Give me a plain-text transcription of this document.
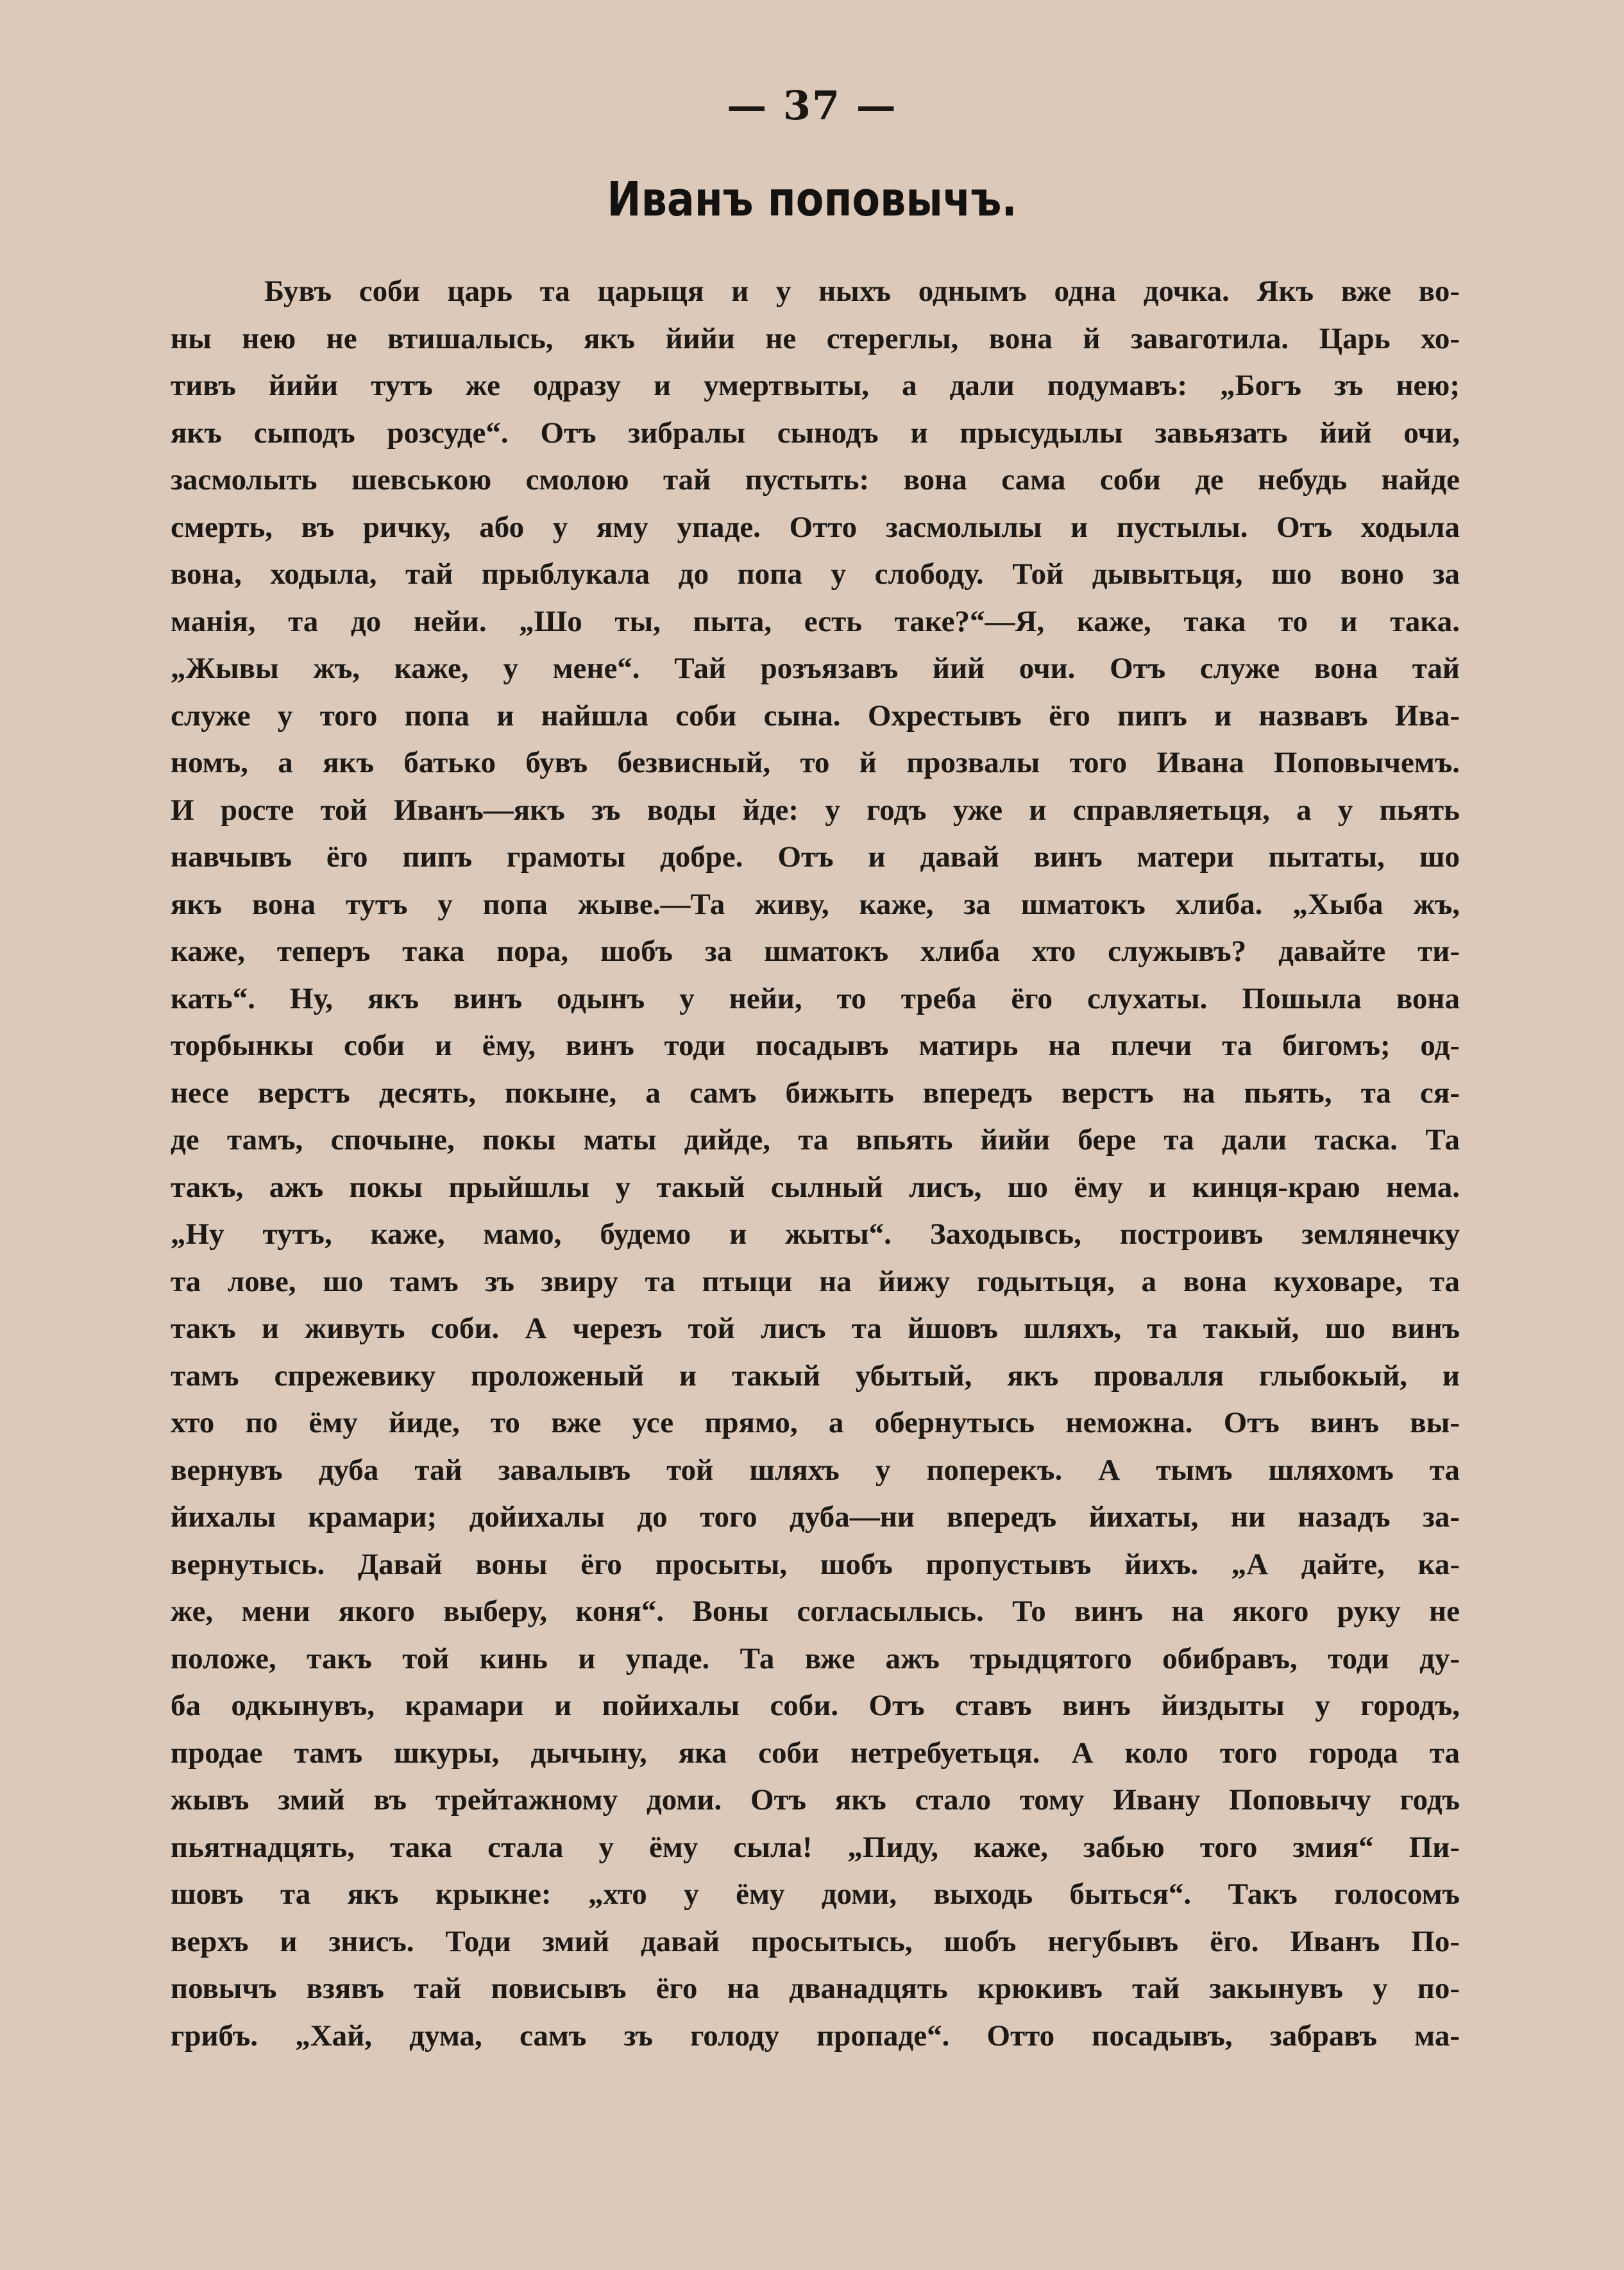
— 37 —
Иванъ поповычъ.
Бувъ соби царь та царыця и у ныхъ однымъ одна дочка. Якъ вже во-
ны нею не втишалысь, якъ йийи не стереглы, вона й заваготила. Царь хо-
тивъ йийи тутъ же одразу и умертвыты, а дали подумавъ: „Богъ зъ нею;
якъ сыподъ розсуде“. Отъ зибралы сынодъ и прысудылы завьязать йий очи,
засмолыть шевською смолою тай пустыть: вона сама соби де небудь найде
смерть, въ ричку, або у яму упаде. Отто засмолылы и пустылы. Отъ ходыла
вона, ходыла, тай прыблукала до попа у слободу. Той дывытьця, шо воно за
манія, та до нейи. „Шо ты, пыта, есть таке?“—Я, каже, така то и така.
„Жывы жъ, каже, у мене“. Тай розъязавъ йий очи. Отъ служе вона тай
служе у того попа и найшла соби сына. Охрестывъ ёго пипъ и назвавъ Ива-
номъ, а якъ батько бувъ безвисный, то й прозвалы того Ивана Поповычемъ.
И росте той Иванъ—якъ зъ воды йде: у годъ уже и справляетьця, а у пьять
навчывъ ёго пипъ грамоты добре. Отъ и давай винъ матери пытаты, шо
якъ вона тутъ у попа жыве.—Та живу, каже, за шматокъ хлиба. „Хыба жъ,
каже, теперъ така пора, шобъ за шматокъ хлиба хто служывъ? давайте ти-
кать“. Ну, якъ винъ одынъ у нейи, то треба ёго слухаты. Пошыла вона
торбынкы соби и ёму, винъ тоди посадывъ матирь на плечи та бигомъ; од-
несе верстъ десять, покыне, а самъ бижыть впередъ верстъ на пьять, та ся-
де тамъ, спочыне, покы маты дийде, та впьять йийи бере та дали таска. Та
такъ, ажъ покы прыйшлы у такый сылный лисъ, шо ёму и кинця-краю нема.
„Ну тутъ, каже, мамо, будемо и жыты“. Заходывсь, построивъ землянечку
та лове, шо тамъ зъ звиру та птыци на йижу годытьця, а вона куховаре, та
такъ и живуть соби. А черезъ той лисъ та йшовъ шляхъ, та такый, шо винъ
тамъ спрежевику проложеный и такый убытый, якъ провалля глыбокый, и
хто по ёму йиде, то вже усе прямо, а обернутысь неможна. Отъ винъ вы-
вернувъ дуба тай завалывъ той шляхъ у поперекъ. А тымъ шляхомъ та
йихалы крамари; дойихалы до того дуба—ни впередъ йихаты, ни назадъ за-
вернутысь. Давай воны ёго просыты, шобъ пропустывъ йихъ. „А дайте, ка-
же, мени якого выберу, коня“. Воны согласылысь. То винъ на якого руку не
положе, такъ той кинь и упаде. Та вже ажъ трыдцятого обибравъ, тоди ду-
ба одкынувъ, крамари и пойихалы соби. Отъ ставъ винъ йиздыты у городъ,
продае тамъ шкуры, дычыну, яка соби нетребуетьця. А коло того города та
жывъ змий въ трейтажному доми. Отъ якъ стало тому Ивану Поповычу годъ
пьятнадцять, така стала у ёму сыла! „Пиду, каже, забью того змия“ Пи-
шовъ та якъ крыкне: „хто у ёму доми, выходь быться“. Такъ голосомъ
верхъ и знисъ. Тоди змий давай просытысь, шобъ негубывъ ёго. Иванъ По-
повычъ взявъ тай повисывъ ёго на дванадцять крюкивъ тай закынувъ у по-
грибъ. „Хай, дума, самъ зъ голоду пропаде“. Отто посадывъ, забравъ ма-
